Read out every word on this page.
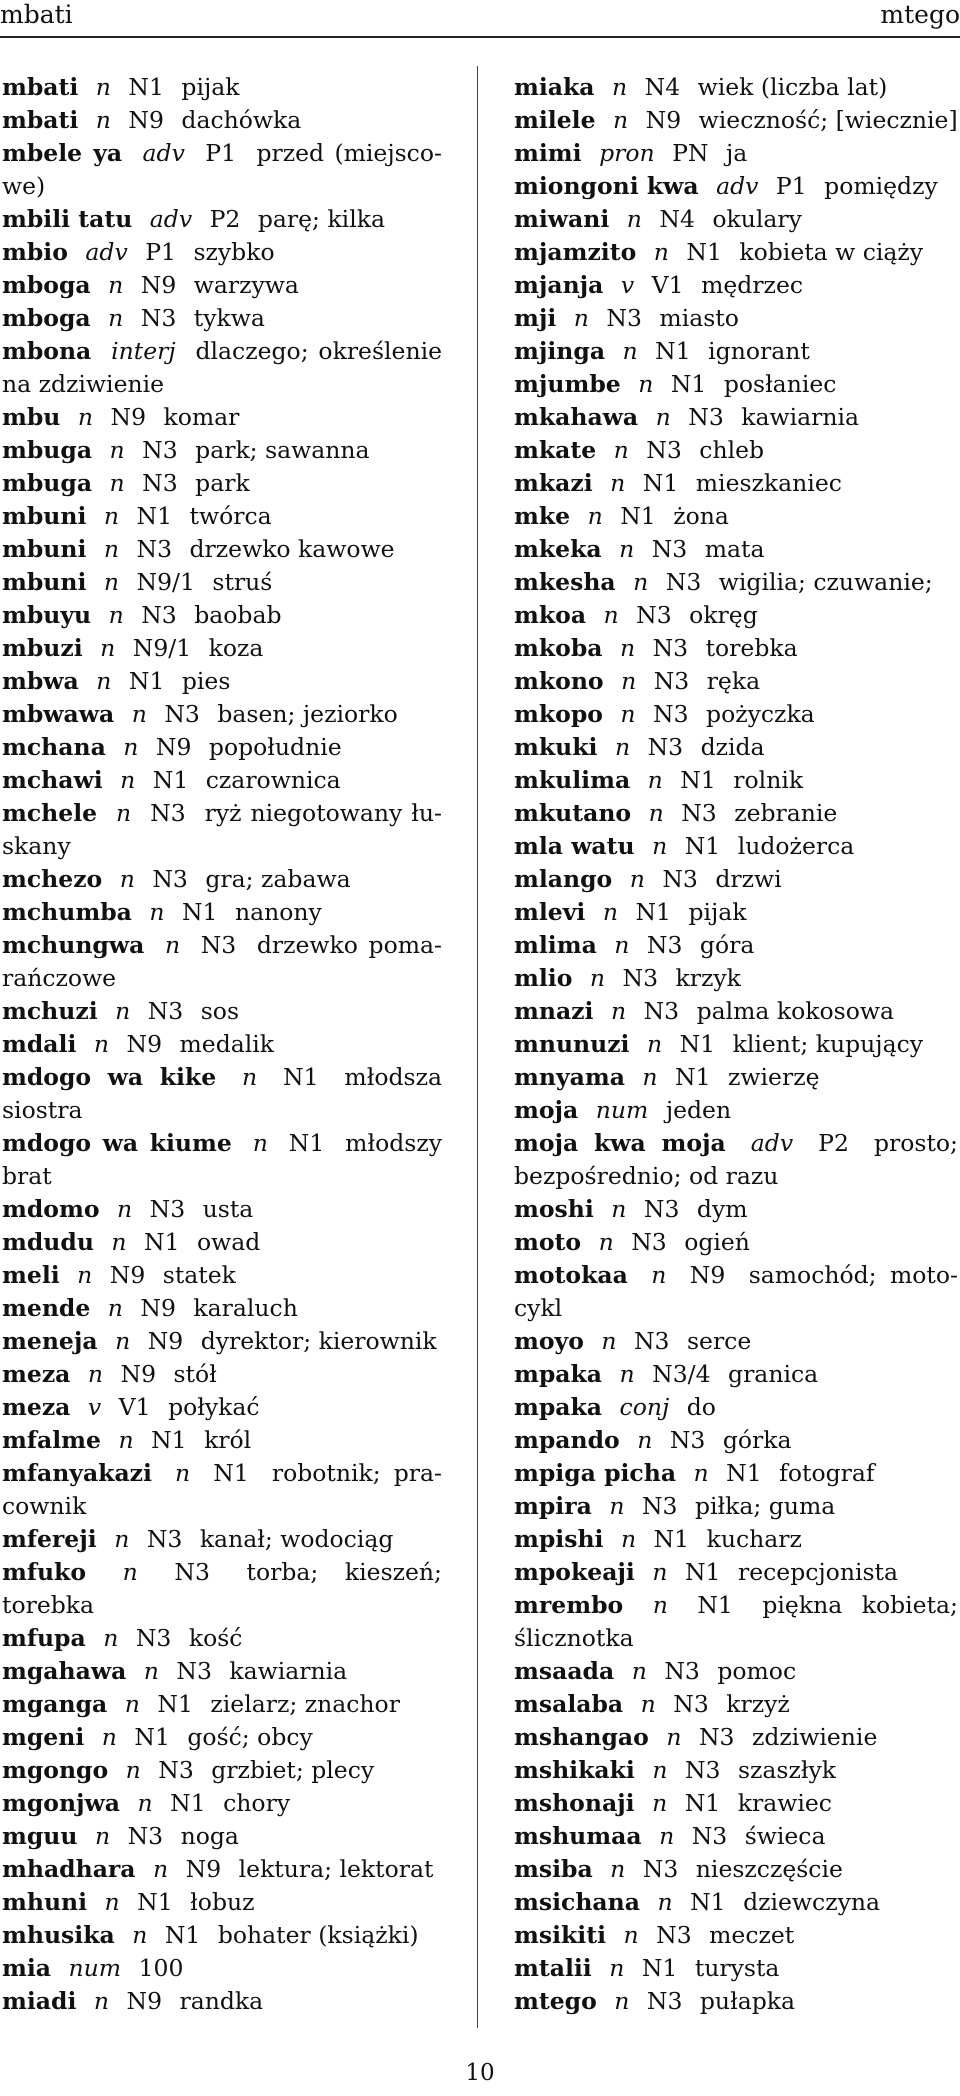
mbati	mtego
mbati n N1 pijak
mbati n N9 dachówka
mbele ya adv P1 przed (miejscowe)
mbili tatu adv P2 parę; kilka
mbio adv P1 szybko
mboga n N9 warzywa
mboga n N3 tykwa
mbona interj dlaczego; określenie na zdziwienie
mbu n N9 komar
mbuga n N3 park; sawanna
mbuga n N3 park
mbuni n N1 twórca
mbuni n N3 drzewko kawowe
mbuni n N9/1 struś
mbuyu n N3 baobab
mbuzi n N9/1 koza
mbwa n N1 pies
mbwawa n N3 basen; jeziorko
mchana n N9 popołudnie
mchawi n N1 czarownica
mchele n N3 ryż niegotowany łuskany
mchezo n N3 gra; zabawa
mchumba n N1 nanony
mchungwa n N3 drzewko pomarańczowe
mchuzi n N3 sos
mdali n N9 medalik
mdogo wa kike n N1 młodsza siostra
mdogo wa kiume n N1 młodszy brat
mdomo n N3 usta
mdudu n N1 owad
meli n N9 statek
mende n N9 karaluch
meneja n N9 dyrektor; kierownik
meza n N9 stół
meza v V1 połykać
mfalme n N1 król
mfanyakazi n N1 robotnik; pracownik
mfereji n N3 kanał; wodociąg
mfuko n N3 torba; kieszeń; torebka
mfupa n N3 kość
mgahawa n N3 kawiarnia
mganga n N1 zielarz; znachor
mgeni n N1 gość; obcy
mgongo n N3 grzbiet; plecy
mgonjwa n N1 chory
mguu n N3 noga
mhadhara n N9 lektura; lektorat
mhuni n N1 łobuz
mhusika n N1 bohater (książki)
mia num 100
miadi n N9 randka
miaka n N4 wiek (liczba lat)
milele n N9 wieczność; [wiecznie]
mimi pron PN ja
miongoni kwa adv P1 pomiędzy
miwani n N4 okulary
mjamzito n N1 kobieta w ciąży
mjanja v V1 mędrzec
mji n N3 miasto
mjinga n N1 ignorant
mjumbe n N1 posłaniec
mkahawa n N3 kawiarnia
mkate n N3 chleb
mkazi n N1 mieszkaniec
mke n N1 żona
mkeka n N3 mata
mkesha n N3 wigilia; czuwanie;
mkoa n N3 okręg
mkoba n N3 torebka
mkono n N3 ręka
mkopo n N3 pożyczka
mkuki n N3 dzida
mkulima n N1 rolnik
mkutano n N3 zebranie
mla watu n N1 ludożerca
mlango n N3 drzwi
mlevi n N1 pijak
mlima n N3 góra
mlio n N3 krzyk
mnazi n N3 palma kokosowa
mnunuzi n N1 klient; kupujący
mnyama n N1 zwierzę
moja num jeden
moja kwa moja adv P2 prosto; bezpośrednio; od razu
moshi n N3 dym
moto n N3 ogień
motokaa n N9 samochód; motocykl
moyo n N3 serce
mpaka n N3/4 granica
mpaka conj do
mpando n N3 górka
mpiga picha n N1 fotograf
mpira n N3 piłka; guma
mpishi n N1 kucharz
mpokeaji n N1 recepcjonista
mrembo n N1 piękna kobieta; ślicznotka
msaada n N3 pomoc
msalaba n N3 krzyż
mshangao n N3 zdziwienie
mshikaki n N3 szaszłyk
mshonaji n N1 krawiec
mshumaa n N3 świeca
msiba n N3 nieszczęście
msichana n N1 dziewczyna
msikiti n N3 meczet
mtalii n N1 turysta
mtego n N3 pułapka
10
